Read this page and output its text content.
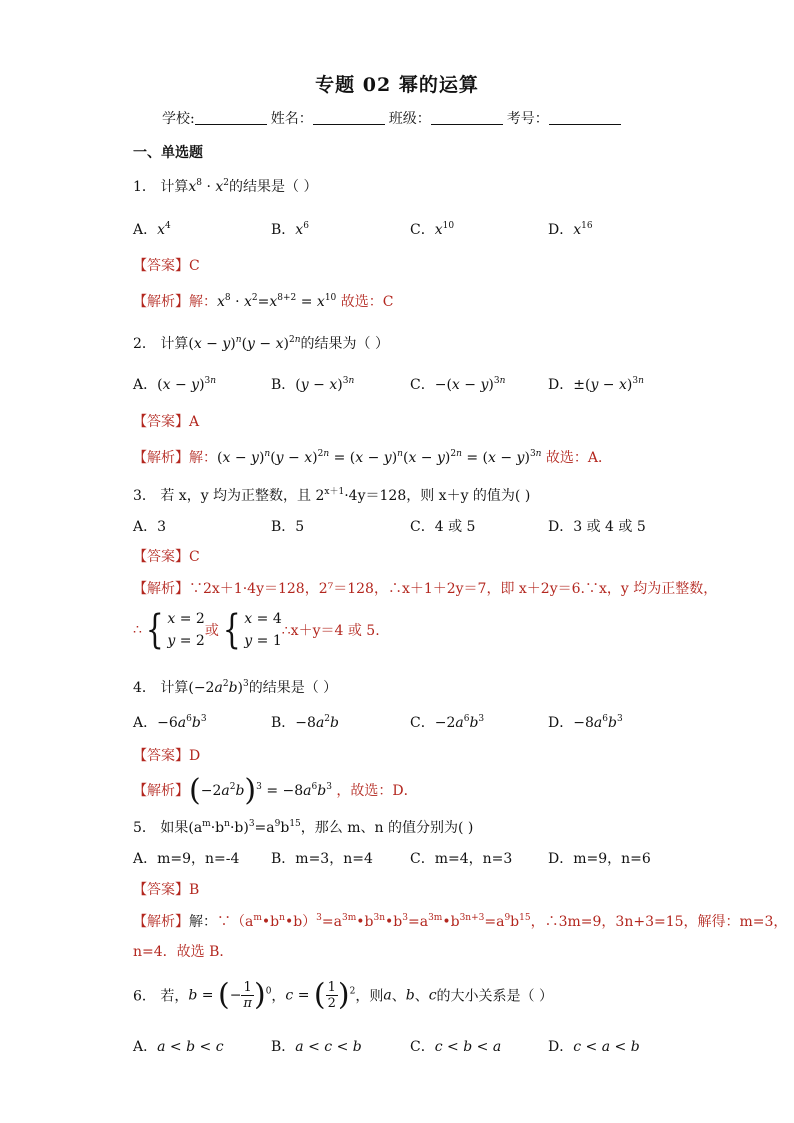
专题 02 幂的运算
学校:	姓名：	班级：	考号：
一、单选题
1． 计算$x^8 \cdot x^2$的结果是（ ）
A．$x^4$	B．$x^6$	C．$x^{10}$	D．$x^{16}$
【答案】C
【解析】解：$x^8 \cdot x^2=x^{8+2} = x^{10}$ 故选：C
2． 计算$(x - y)^n(y - x)^{2n}$的结果为（ ）
A．$(x - y)^{3n}$	B．$(y - x)^{3n}$	C．$-(x - y)^{3n}$	D．$\pm(y - x)^{3n}$
【答案】A
【解析】解：$(x - y)^n(y - x)^{2n} = (x - y)^n(x - y)^{2n} = (x - y)^{3n}$ 故选：A．
3． 若 x，y 均为正整数，且 $2^{x+1}\cdot 4y=128$，则 x＋y 的值为( )
A．3	B．5	C．4 或 5	D．3 或 4 或 5
【答案】C
【解析】∵2x＋1·4y＝128，2⁷＝128，∴x＋1＋2y＝7，即 x＋2y＝6.∵x，y 均为正整数，
∴{ x = 2
y = 2或{ x = 4
y = 1∴x＋y＝4 或 5.
4． 计算$(-2a^2b)^3$的结果是（ ）
A．$-6a^6b^3$	B．$-8a^2b$	C．$-2a^6b^3$	D．$-8a^6b^3$
【答案】D
【解析】$(-2a^2b)^3 = -8a^6b^3$ ，故选：D．
5． 如果$(a^m\cdot b^n\cdot b)^3=a^9b^{15}$，那么 m、n 的值分别为( )
A．m=9，n=-4 B．m=3，n=4	C．m=4，n=3	D．m=9，n=6
【答案】B
【解析】解：$\because(a^m•b^n•b)^3=a^{3m}•b^{3n}•b^3=a^{3m}•b^{3n+3}=a^9b^{15}$，∴3m=9，3n+3=15，解得：m=3，
n=4．故选 B．
6． 若，b = (− $\frac{1}{\pi} )^0$，c = ( $\frac{1}{2} )^2$，则a、b、c的大小关系是（ ）
A．a < b < c	B．a < c < b	C．c < b < a	D．c < a < b
